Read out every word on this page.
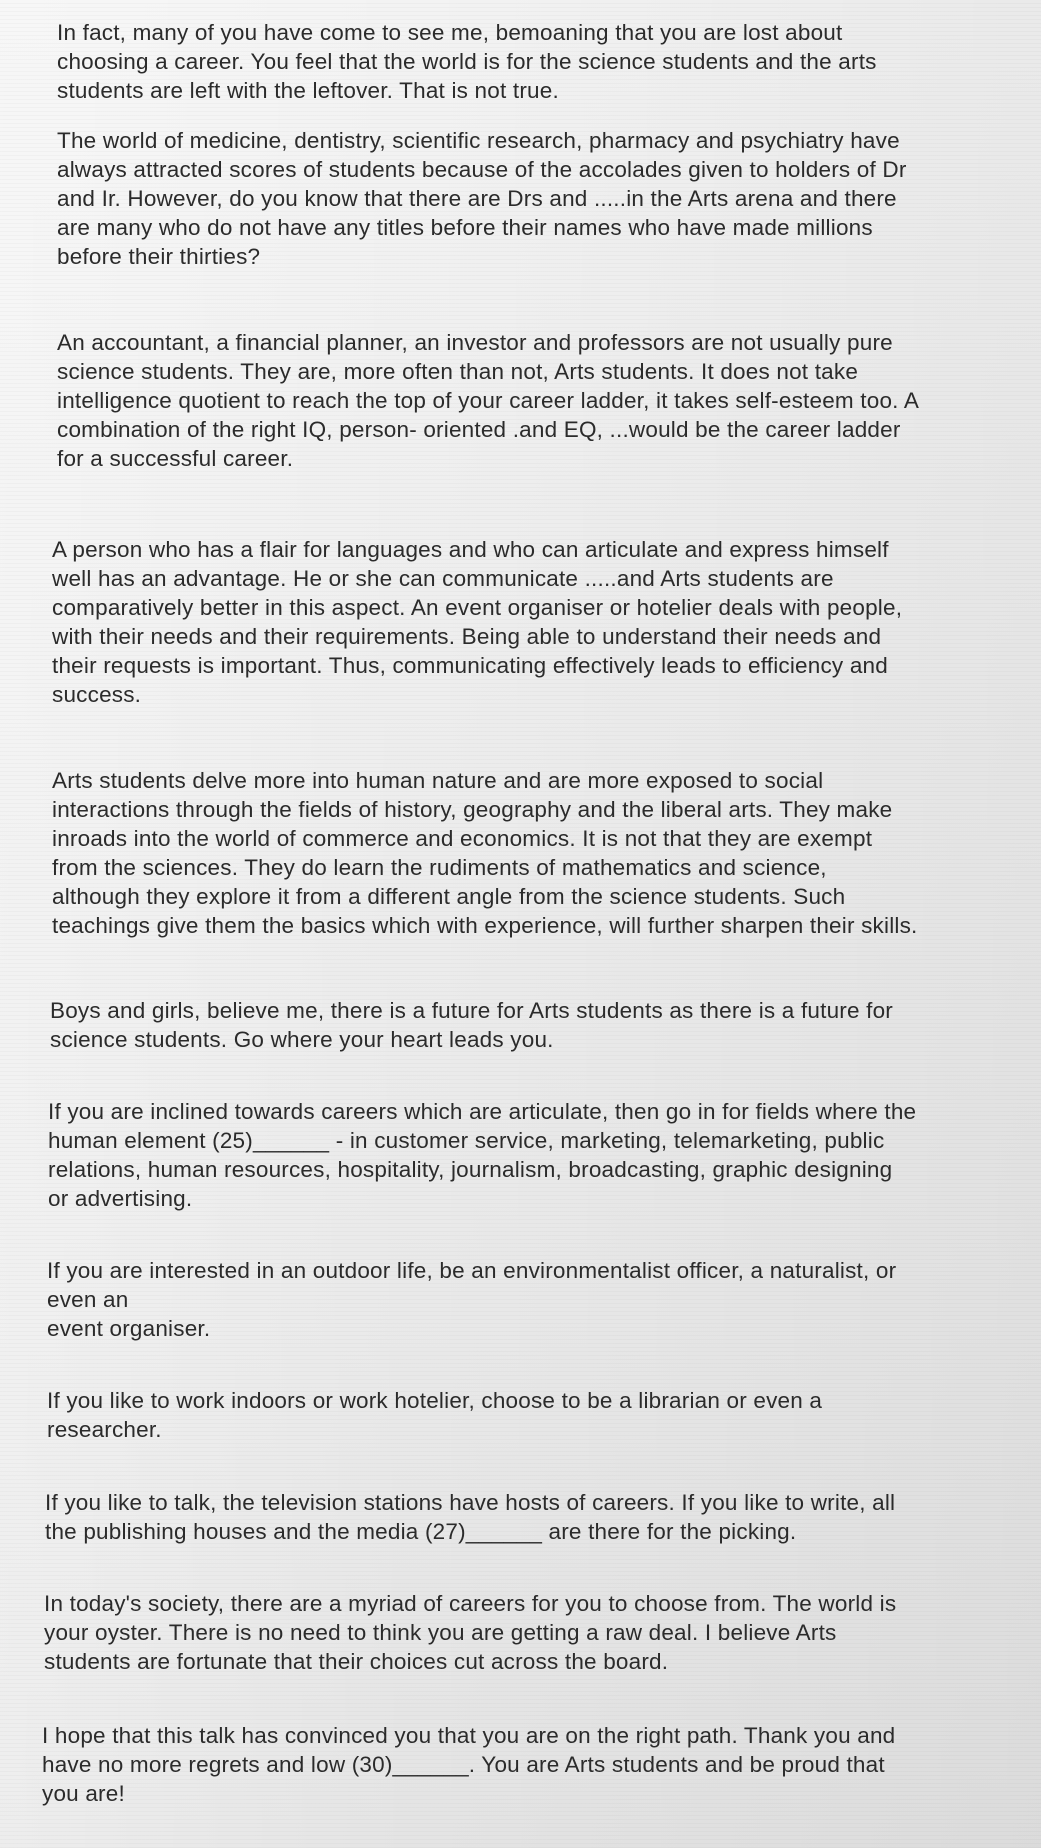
In fact, many of you have come to see me, bemoaning that you are lost about
choosing a career. You feel that the world is for the science students and the arts
students are left with the leftover. That is not true.

The world of medicine, dentistry, scientific research, pharmacy and psychiatry have
always attracted scores of students because of the accolades given to holders of Dr
and Ir. However, do you know that there are Drs and .....in the Arts arena and there
are many who do not have any titles before their names who have made millions
before their thirties?

An accountant, a financial planner, an investor and professors are not usually pure
science students. They are, more often than not, Arts students. It does not take
intelligence quotient to reach the top of your career ladder, it takes self-esteem too. A
combination of the right IQ, person- oriented .and EQ, ...would be the career ladder
for a successful career.

A person who has a flair for languages and who can articulate and express himself
well has an advantage. He or she can communicate .....and Arts students are
comparatively better in this aspect. An event organiser or hotelier deals with people,
with their needs and their requirements. Being able to understand their needs and
their requests is important. Thus, communicating effectively leads to efficiency and
success.

Arts students delve more into human nature and are more exposed to social
interactions through the fields of history, geography and the liberal arts. They make
inroads into the world of commerce and economics. It is not that they are exempt
from the sciences. They do learn the rudiments of mathematics and science,
although they explore it from a different angle from the science students. Such
teachings give them the basics which with experience, will further sharpen their skills.

Boys and girls, believe me, there is a future for Arts students as there is a future for
science students. Go where your heart leads you.

If you are inclined towards careers which are articulate, then go in for fields where the
human element (25)______ - in customer service, marketing, telemarketing, public
relations, human resources, hospitality, journalism, broadcasting, graphic designing
or advertising.

If you are interested in an outdoor life, be an environmentalist officer, a naturalist, or
even an
event organiser.

If you like to work indoors or work hotelier, choose to be a librarian or even a
researcher.

If you like to talk, the television stations have hosts of careers. If you like to write, all
the publishing houses and the media (27)______ are there for the picking.

In today's society, there are a myriad of careers for you to choose from. The world is
your oyster. There is no need to think you are getting a raw deal. I believe Arts
students are fortunate that their choices cut across the board.

I hope that this talk has convinced you that you are on the right path. Thank you and
have no more regrets and low (30)______. You are Arts students and be proud that
you are!
